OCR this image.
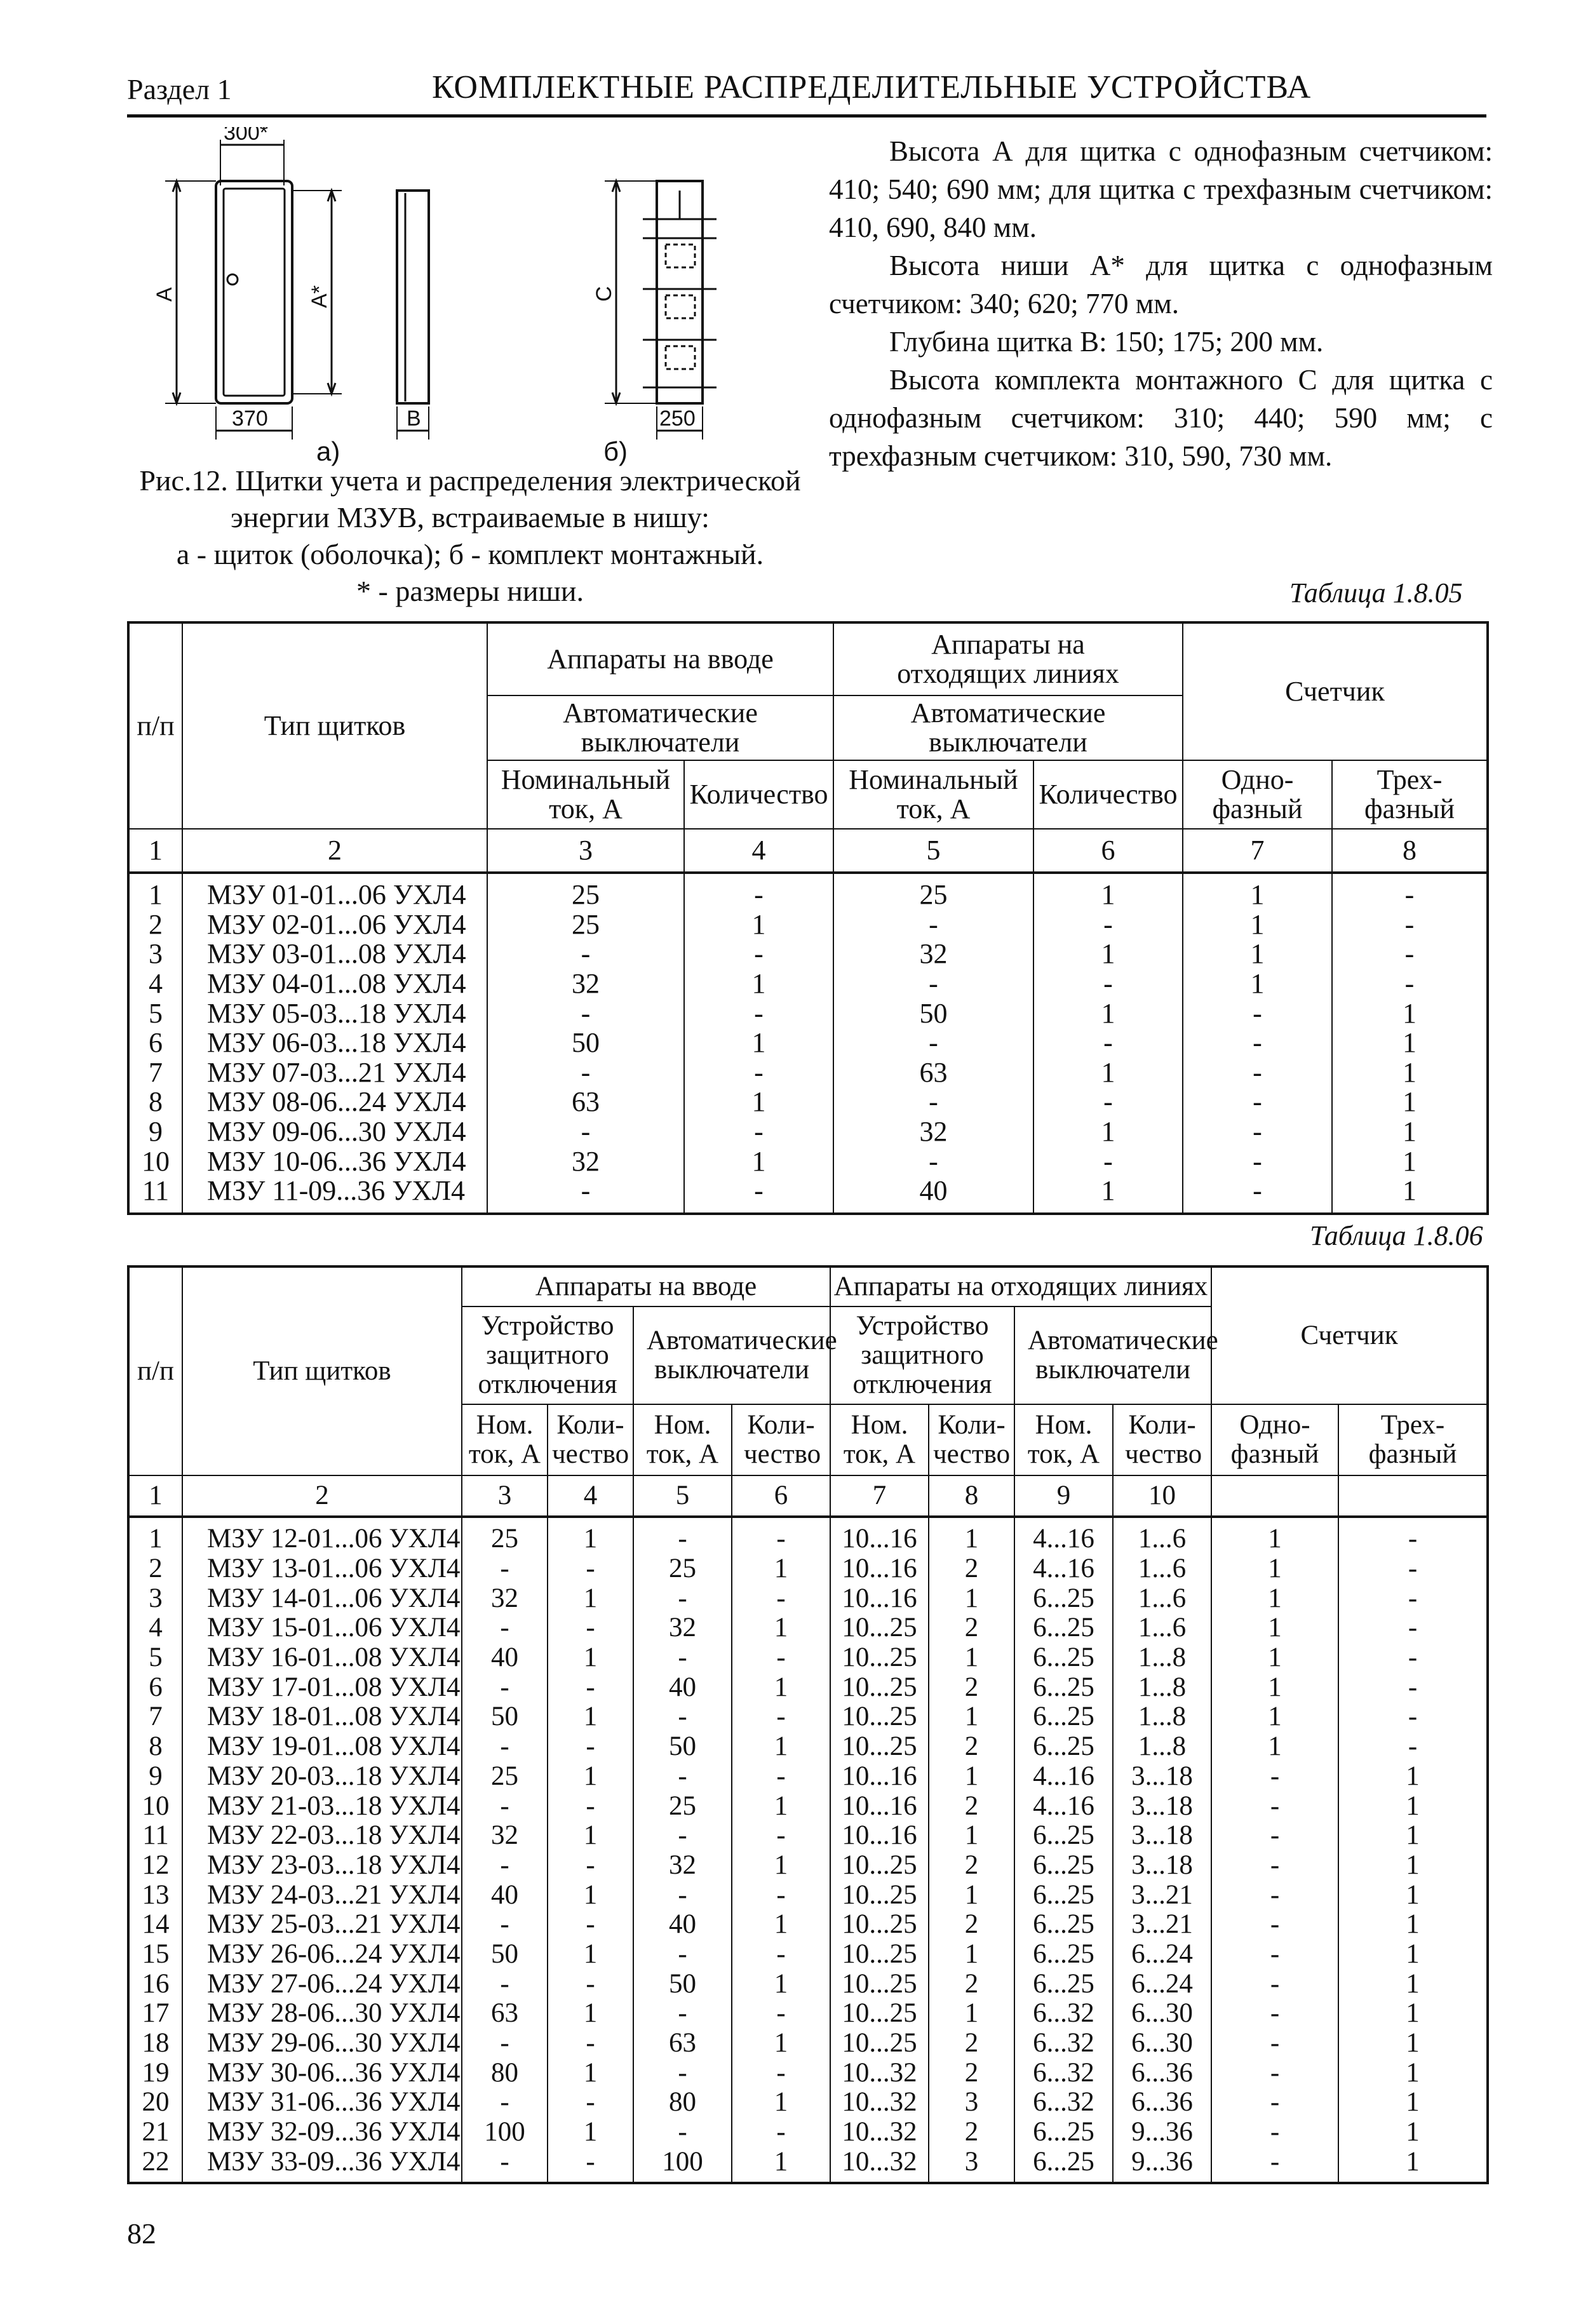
Раздел 1	КОМПЛЕКТНЫЕ РАСПРЕДЕЛИТЕЛЬНЫЕ УСТРОЙСТВА
300*
370	В	250
А	А*	С
а)	б)
Рис.12. Щитки учета и распределения электрической
энергии МЗУВ, встраиваемые в нишу:
а - щиток (оболочка); б - комплект монтажный.
* - размеры ниши.

Высота А для щитка с однофазным счетчиком: 410; 540; 690 мм; для щитка с трехфазным счетчиком: 410, 690, 840 мм.

Высота ниши А* для щитка с однофазным счетчиком: 340; 620; 770 мм.

Глубина щитка В: 150; 175; 200 мм.

Высота комплекта монтажного С для щитка с однофазным счетчиком: 310; 440; 590 мм; с трехфазным счетчиком: 310, 590, 730 мм.

Таблица 1.8.05
п/п	Тип щитков	Аппараты на вводе		Аппараты на отходящих линиях		Счетчик	
		Автоматические выключатели		Автоматические выключатели			
		Номинальный ток, А	Количество	Номинальный ток, А	Количество	Одно-фазный	Трех-фазный
1	2	3	4	5	6	7	8
1	МЗУ 01-01...06 УХЛ4	25	-	25	1	1	-
2	МЗУ 02-01...06 УХЛ4	25	1	-	-	1	-
3	МЗУ 03-01...08 УХЛ4	-	-	32	1	1	-
4	МЗУ 04-01...08 УХЛ4	32	1	-	-	1	-
5	МЗУ 05-03...18 УХЛ4	-	-	50	1	-	1
6	МЗУ 06-03...18 УХЛ4	50	1	-	-	-	1
7	МЗУ 07-03...21 УХЛ4	-	-	63	1	-	1
8	МЗУ 08-06...24 УХЛ4	63	1	-	-	-	1
9	МЗУ 09-06...30 УХЛ4	-	-	32	1	-	1
10	МЗУ 10-06...36 УХЛ4	32	1	-	-	-	1
11	МЗУ 11-09...36 УХЛ4	-	-	40	1	-	1
Таблица 1.8.06
п/п	Тип щитков	Аппараты на вводе				Аппараты на отходящих линиях				Счетчик	
		Устройство защитного отключения		Автоматические выключатели		Устройство защитного отключения		Автоматические выключатели			
		Ном. ток, А	Коли-чество	Ном. ток, А	Коли-чество	Ном. ток, А	Коли-чество	Ном. ток, А	Коли-чество	Одно-фазный	Трех-фазный
1	2	3	4	5	6	7	8	9	10		
1	МЗУ 12-01...06 УХЛ4	25	1	-	-	10...16	1	4...16	1...6	1	-
2	МЗУ 13-01...06 УХЛ4	-	-	25	1	10...16	2	4...16	1...6	1	-
3	МЗУ 14-01...06 УХЛ4	32	1	-	-	10...16	1	6...25	1...6	1	-
4	МЗУ 15-01...06 УХЛ4	-	-	32	1	10...25	2	6...25	1...6	1	-
5	МЗУ 16-01...08 УХЛ4	40	1	-	-	10...25	1	6...25	1...8	1	-
6	МЗУ 17-01...08 УХЛ4	-	-	40	1	10...25	2	6...25	1...8	1	-
7	МЗУ 18-01...08 УХЛ4	50	1	-	-	10...25	1	6...25	1...8	1	-
8	МЗУ 19-01...08 УХЛ4	-	-	50	1	10...25	2	6...25	1...8	1	-
9	МЗУ 20-03...18 УХЛ4	25	1	-	-	10...16	1	4...16	3...18	-	1
10	МЗУ 21-03...18 УХЛ4	-	-	25	1	10...16	2	4...16	3...18	-	1
11	МЗУ 22-03...18 УХЛ4	32	1	-	-	10...16	1	6...25	3...18	-	1
12	МЗУ 23-03...18 УХЛ4	-	-	32	1	10...25	2	6...25	3...18	-	1
13	МЗУ 24-03...21 УХЛ4	40	1	-	-	10...25	1	6...25	3...21	-	1
14	МЗУ 25-03...21 УХЛ4	-	-	40	1	10...25	2	6...25	3...21	-	1
15	МЗУ 26-06...24 УХЛ4	50	1	-	-	10...25	1	6...25	6...24	-	1
16	МЗУ 27-06...24 УХЛ4	-	-	50	1	10...25	2	6...25	6...24	-	1
17	МЗУ 28-06...30 УХЛ4	63	1	-	-	10...25	1	6...32	6...30	-	1
18	МЗУ 29-06...30 УХЛ4	-	-	63	1	10...25	2	6...32	6...30	-	1
19	МЗУ 30-06...36 УХЛ4	80	1	-	-	10...32	2	6...32	6...36	-	1
20	МЗУ 31-06...36 УХЛ4	-	-	80	1	10...32	3	6...32	6...36	-	1
21	МЗУ 32-09...36 УХЛ4	100	1	-	-	10...32	2	6...25	9...36	-	1
22	МЗУ 33-09...36 УХЛ4	-	-	100	1	10...32	3	6...25	9...36	-	1
82
